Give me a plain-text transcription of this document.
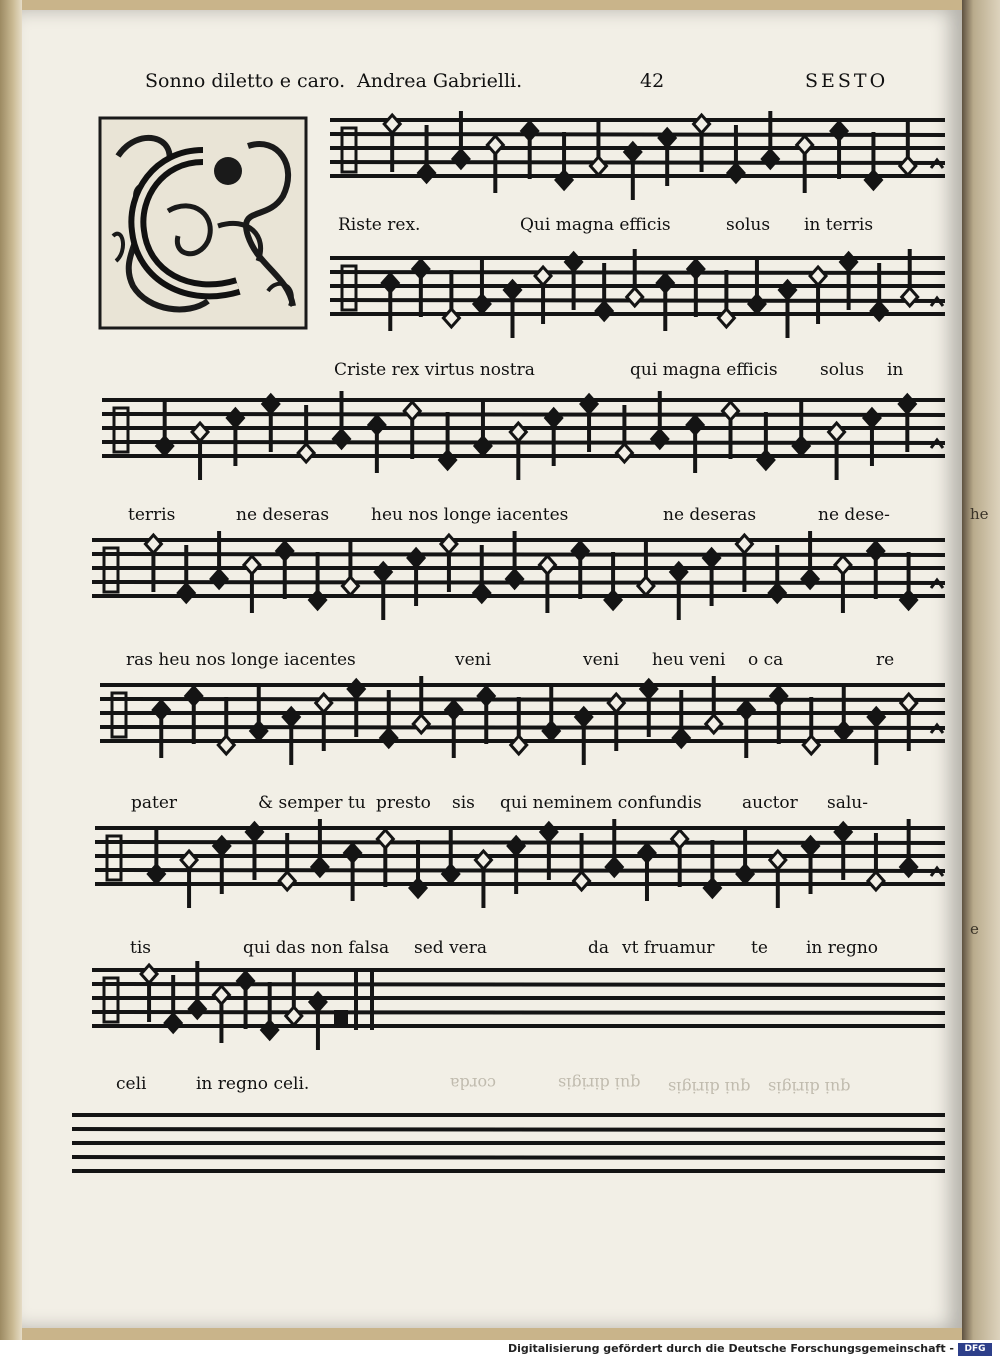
he
e
Sonno diletto e caro. Andrea Gabrielli.	42	SESTO
Riste rex.	Qui magna efficis	solus in terris
Criste rex virtus nostra	qui magna efficis solus in
terris	ne deseras heu nos longe iacentes	ne deseras	ne dese-
ras heu nos longe iacentes	veni	veni heu veni o ca	re
pater	& semper tu presto sis qui neminem confundis auctor salu-
tis	qui das non falsa sed vera	da vt fruamur te in regno
celi	in regno celi.	qui dirigis
qui dirigis
qui dirigis
corda
Digitalisierung gefördert durch die Deutsche Forschungsgemeinschaft -	DFG
